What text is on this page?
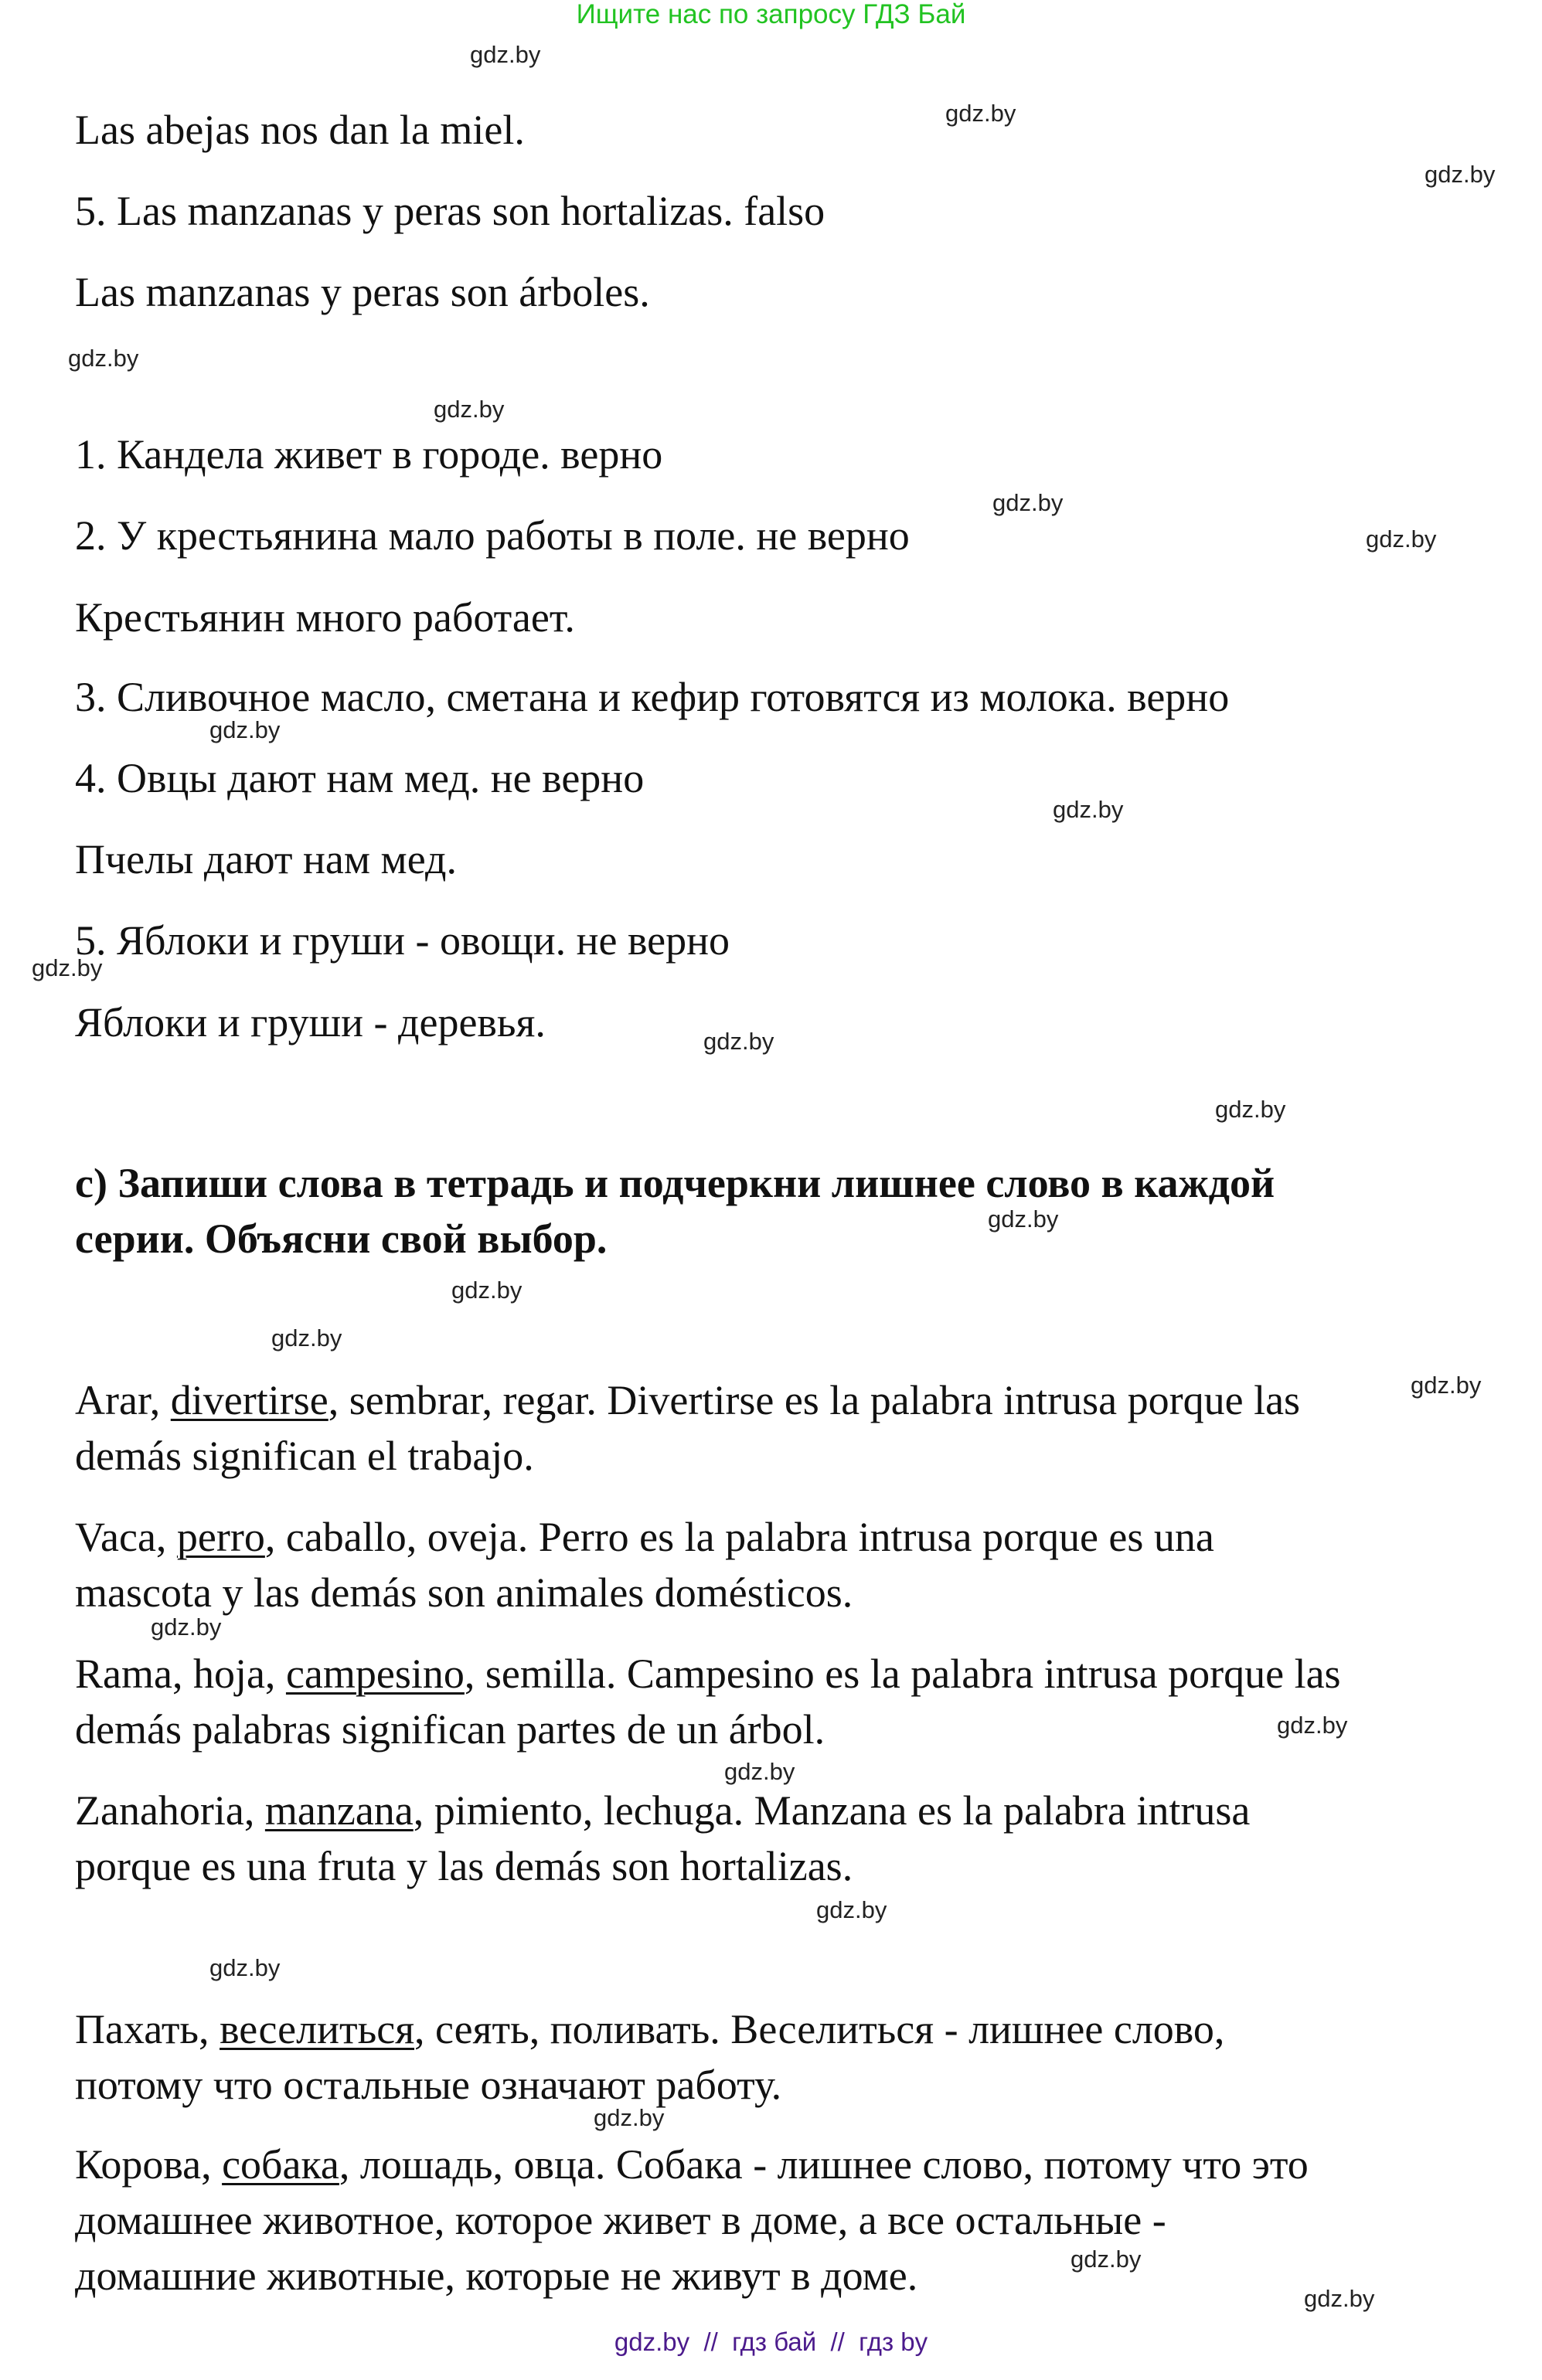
Ищите нас по запросу ГДЗ Бай
Las abejas nos dan la miel.
5. Las manzanas y peras son hortalizas. falso
Las manzanas y peras son árboles.
1. Кандела живет в городе. верно
2. У крестьянина мало работы в поле. не верно
Крестьянин много работает.
3. Сливочное масло, сметана и кефир готовятся из молока. верно
4. Овцы дают нам мед. не верно
Пчелы дают нам мед.
5. Яблоки и груши - овощи. не верно
Яблоки и груши - деревья.
c) Запиши слова в тетрадь и подчеркни лишнее слово в каждой
серии. Объясни свой выбор.
Arar, divertirse, sembrar, regar. Divertirse es la palabra intrusa porque las
demás significan el trabajo.
Vaca, perro, caballo, oveja. Perro es la palabra intrusa porque es una
mascota y las demás son animales domésticos.
Rama, hoja, campesino, semilla. Campesino es la palabra intrusa porque las
demás palabras significan partes de un árbol.
Zanahoria, manzana, pimiento, lechuga. Manzana es la palabra intrusa
porque es una fruta y las demás son hortalizas.
Пахать, веселиться, сеять, поливать. Веселиться - лишнее слово,
потому что остальные означают работу.
Корова, собака, лошадь, овца. Собака - лишнее слово, потому что это
домашнее животное, которое живет в доме, а все остальные -
домашние животные, которые не живут в доме.
gdz.by
gdz.by
gdz.by
gdz.by
gdz.by
gdz.by
gdz.by
gdz.by
gdz.by
gdz.by
gdz.by
gdz.by
gdz.by
gdz.by
gdz.by
gdz.by
gdz.by
gdz.by
gdz.by
gdz.by
gdz.by
gdz.by
gdz.by
gdz.by
gdz.by  //  гдз бай  //  гдз by
